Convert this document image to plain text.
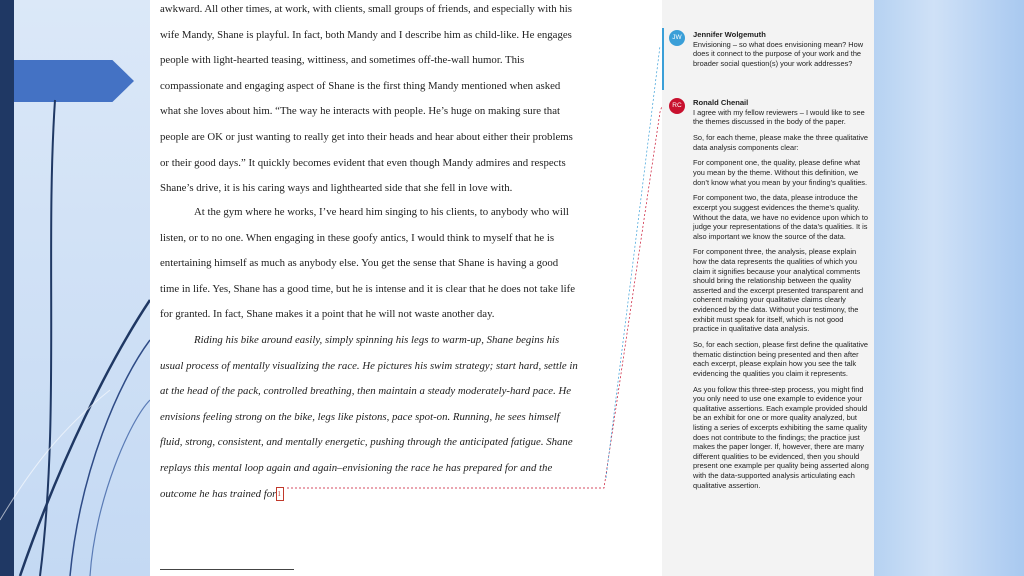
awkward. All other times, at work, with clients, small groups of friends, and especially with his
wife Mandy, Shane is playful. In fact, both Mandy and I describe him as child-like. He engages
people with light-hearted teasing, wittiness, and sometimes off-the-wall humor. This
compassionate and engaging aspect of Shane is the first thing Mandy mentioned when asked
what she loves about him. “The way he interacts with people. He’s huge on making sure that
people are OK or just wanting to really get into their heads and hear about either their problems
or their good days.” It quickly becomes evident that even though Mandy admires and respects
Shane’s drive, it is his caring ways and lighthearted side that she fell in love with.
At the gym where he works, I’ve heard him singing to his clients, to anybody who will
listen, or to no one. When engaging in these goofy antics, I would think to myself that he is
entertaining himself as much as anybody else. You get the sense that Shane is having a good
time in life. Yes, Shane has a good time, but he is intense and it is clear that he does not take life
for granted. In fact, Shane makes it a point that he will not waste another day.
Riding his bike around easily, simply spinning his legs to warm-up, Shane begins his
usual process of mentally visualizing the race. He pictures his swim strategy; start hard, settle in
at the head of the pack, controlled breathing, then maintain a steady moderately-hard pace. He
envisions feeling strong on the bike, legs like pistons, pace spot-on. Running, he sees himself
fluid, strong, consistent, and mentally energetic, pushing through the anticipated fatigue. Shane
replays this mental loop again and again–envisioning the race he has prepared for and the
outcome he has trained for1
JW	Jennifer Wolgemuth

Envisioning – so what does envisioning mean? How does it connect to the purpose of your work and the broader social question(s) your work addresses?

RC	Ronald Chenail

I agree with my fellow reviewers – I would like to see the themes discussed in the body of the paper.

So, for each theme, please make the three qualitative data analysis components clear:

For component one, the quality, please define what you mean by the theme. Without this definition, we don’t know what you mean by your finding’s qualities.

For component two, the data, please introduce the excerpt you suggest evidences the theme’s quality. Without the data, we have no evidence upon which to judge your representations of the data’s qualities. It is also important we know the source of the data.

For component three, the analysis, please explain how the data represents the qualities of which you claim it signifies because your analytical comments should bring the relationship between the quality asserted and the excerpt presented transparent and coherent making your qualitative claims clearly evidenced by the data. Without your testimony, the exhibit must speak for itself, which is not good practice in qualitative data analysis.

So, for each section, please first define the qualitative thematic distinction being presented and then after each excerpt, please explain how you see the talk evidencing the qualities you claim it represents.

As you follow this three-step process, you might find you only need to use one example to evidence your qualitative assertions. Each example provided should be an exhibit for one or more quality analyzed, but listing a series of excerpts exhibiting the same quality does not contribute to the findings; the practice just makes the paper longer. If, however, there are many different qualities to be evidenced, then you should present one example per quality being asserted along with the data-supported analysis articulating each qualitative assertion.
